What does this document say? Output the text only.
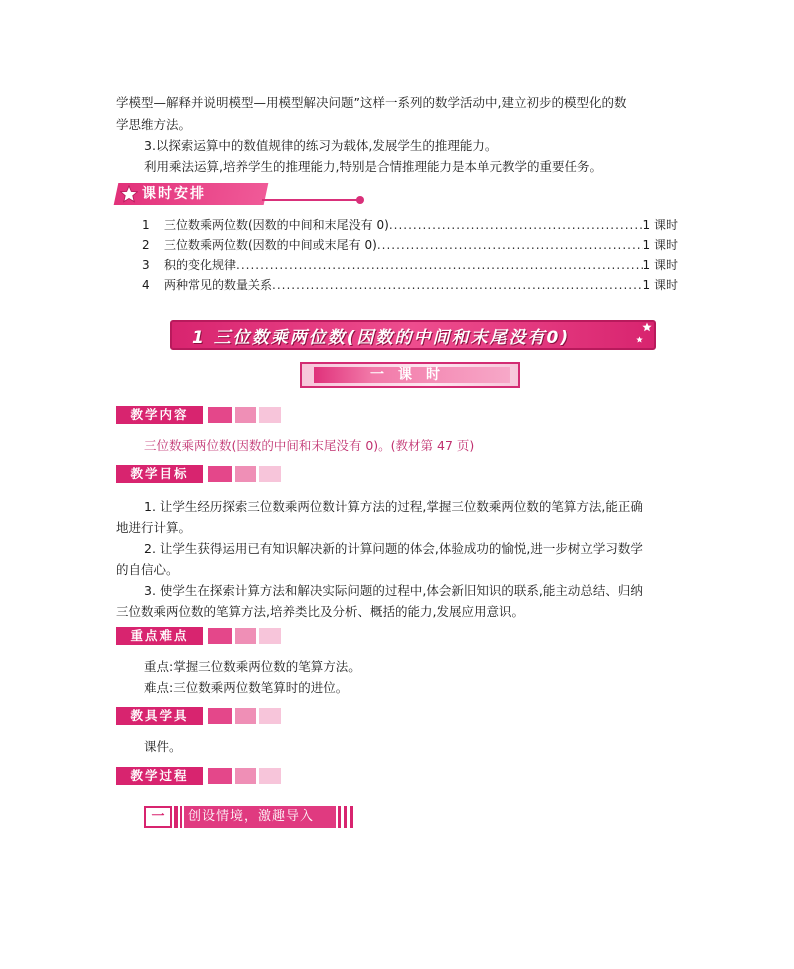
学模型—解释并说明模型—用模型解决问题”这样一系列的数学活动中,建立初步的模型化的数
学思维方法。
3.以探索运算中的数值规律的练习为载体,发展学生的推理能力。
利用乘法运算,培养学生的推理能力,特别是合情推理能力是本单元教学的重要任务。
课时安排
1	三位数乘两位数(因数的中间和末尾没有 0) .....	1 课时
2	三位数乘两位数(因数的中间或末尾有 0) .....	1 课时
3	积的变化规律 .....	1 课时
4	两种常见的数量关系 .....	1 课时
1 三位数乘两位数(因数的中间和末尾没有0)
一课时
教学内容
三位数乘两位数(因数的中间和末尾没有 0)。(教材第 47 页)
教学目标
1. 让学生经历探索三位数乘两位数计算方法的过程,掌握三位数乘两位数的笔算方法,能正确
地进行计算。
2. 让学生获得运用已有知识解决新的计算问题的体会,体验成功的愉悦,进一步树立学习数学
的自信心。
3. 使学生在探索计算方法和解决实际问题的过程中,体会新旧知识的联系,能主动总结、归纳
三位数乘两位数的笔算方法,培养类比及分析、概括的能力,发展应用意识。
重点难点
重点:掌握三位数乘两位数的笔算方法。
难点:三位数乘两位数笔算时的进位。
教具学具
课件。
教学过程
一	创设情境，激趣导入
